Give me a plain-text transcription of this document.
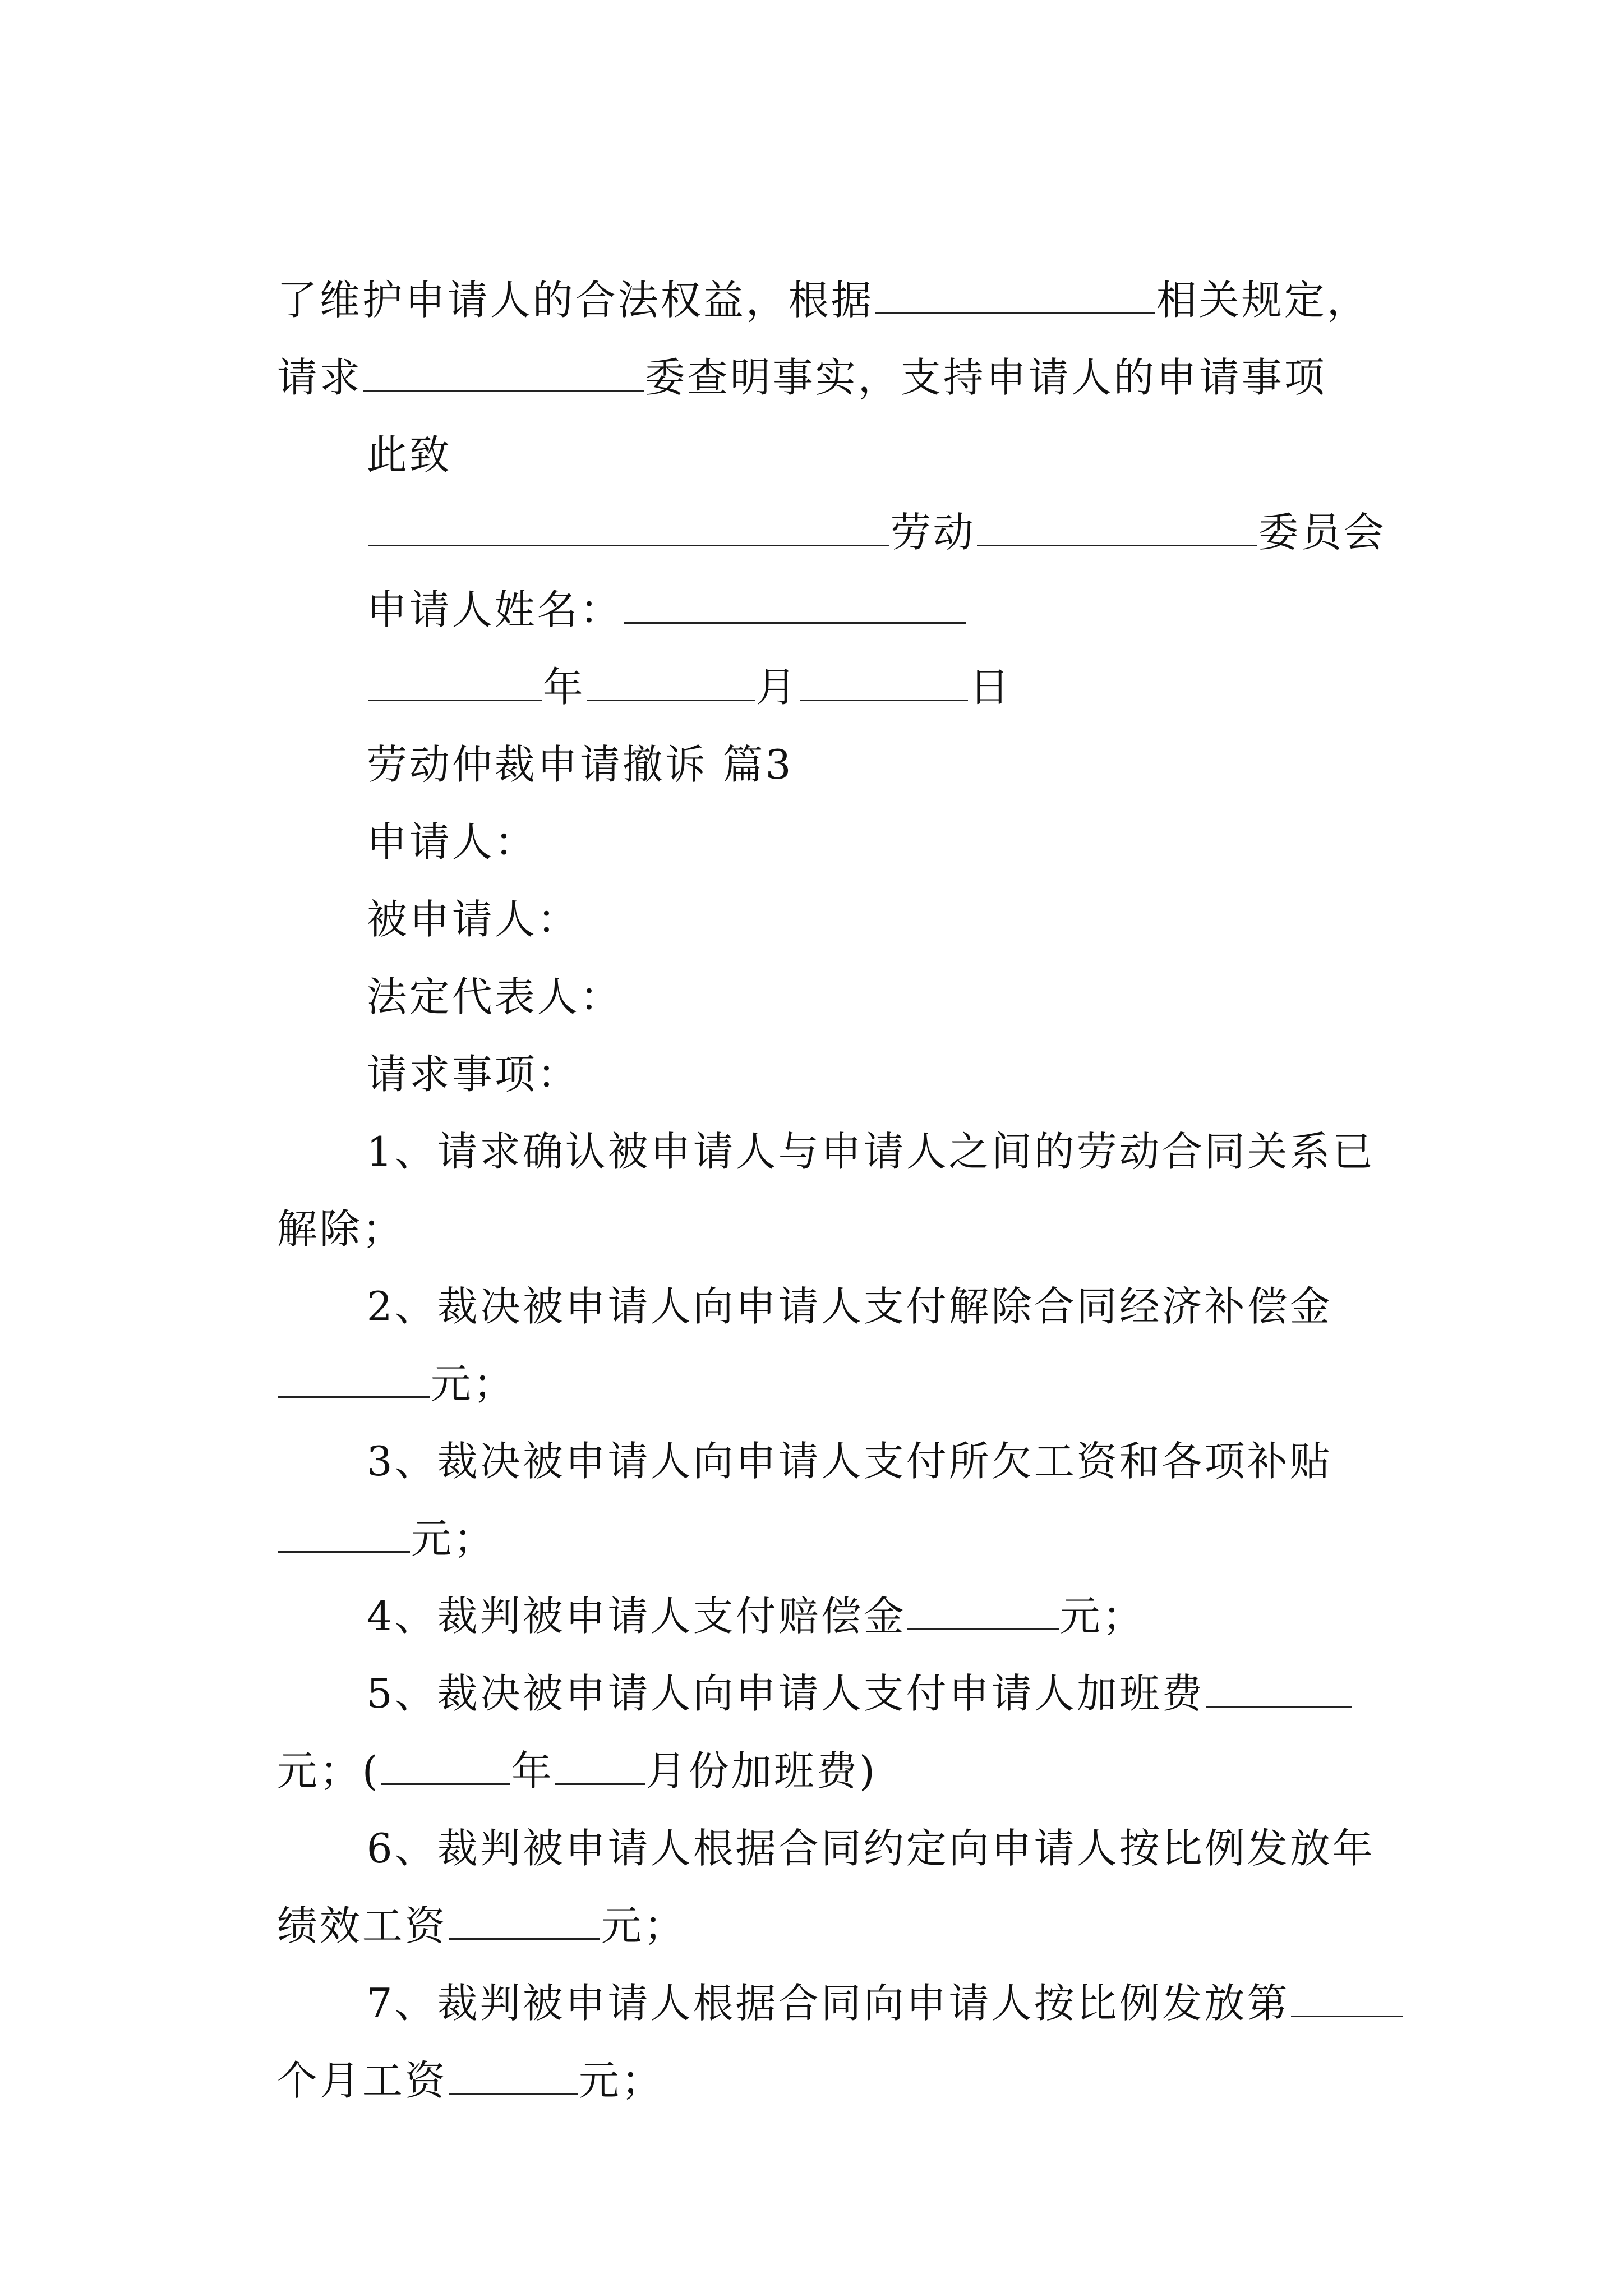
了维护申请人的合法权益，根据	相关规定，

请求	委查明事实，支持申请人的申请事项

此致

劳动	委员会

申请人姓名：

年	月	日

劳动仲裁申请撤诉 篇3

申请人：

被申请人：

法定代表人：

请求事项：

1、请求确认被申请人与申请人之间的劳动合同关系已

解除；

2、裁决被申请人向申请人支付解除合同经济补偿金

元；

3、裁决被申请人向申请人支付所欠工资和各项补贴

元；

4、裁判被申请人支付赔偿金	元；

5、裁决被申请人向申请人支付申请人加班费

元；(	年 月份加班费)

6、裁判被申请人根据合同约定向申请人按比例发放年

绩效工资	元；

7、裁判被申请人根据合同向申请人按比例发放第

个月工资	元；
